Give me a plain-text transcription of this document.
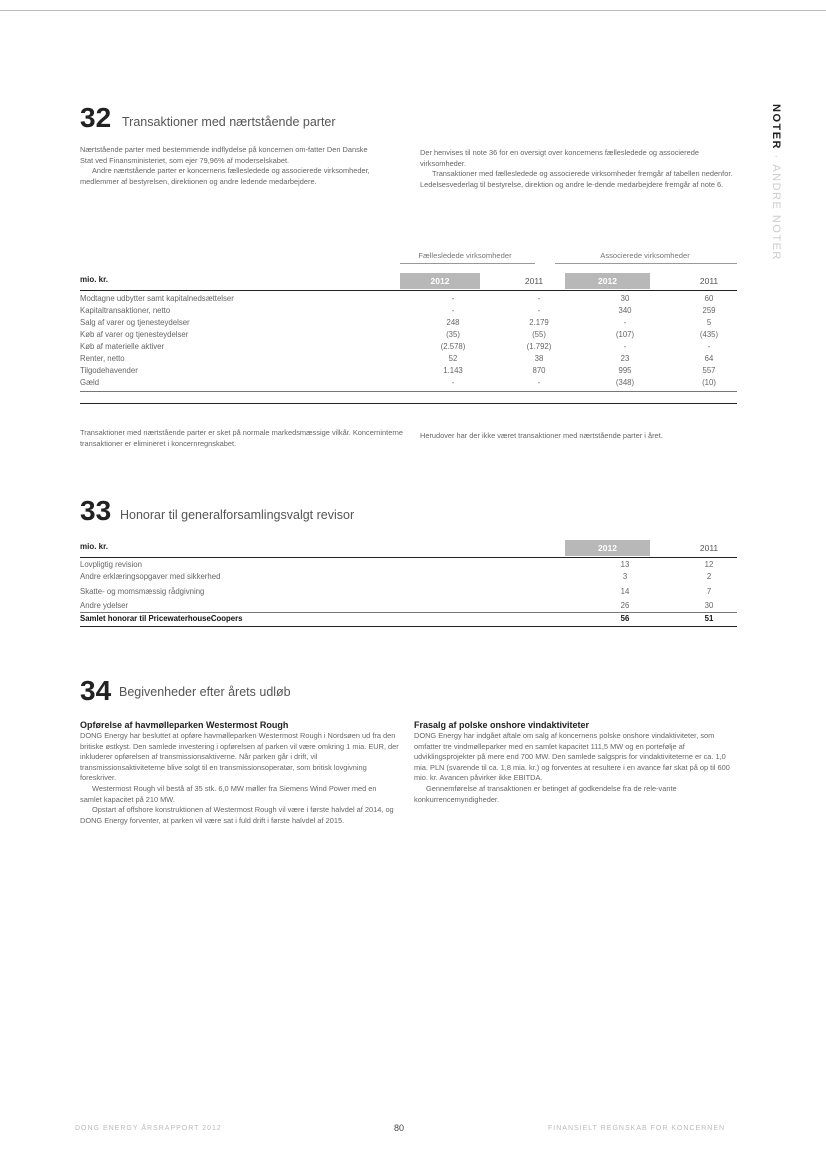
NOTER · ANDRE NOTER
32 Transaktioner med nærtstående parter

Nærtstående parter med bestemmende indflydelse på koncernen om-fatter Den Danske Stat ved Finansministeriet, som ejer 79,96% af moderselskabet.

Andre nærtstående parter er koncernens fællesledede og associerede virksomheder, medlemmer af bestyrelsen, direktionen og andre ledende medarbejdere.

Der henvises til note 36 for en oversigt over koncernens fællesledede og associerede virksomheder.

Transaktioner med fællesledede og associerede virksomheder fremgår af tabellen nedenfor. Ledelsesvederlag til bestyrelse, direktion og andre le-dende medarbejdere fremgår af note 6.

Fællesledede virksomheder	Associerede virksomheder
mio. kr.	2012	2011	2012	2011
Modtagne udbytter samt kapitalnedsættelser	-	-	30	60
Kapitaltransaktioner, netto	-	-	340	259
Salg af varer og tjenesteydelser	248	2.179	-	5
Køb af varer og tjenesteydelser	(35)	(55)	(107)	(435)
Køb af materielle aktiver	(2.578)	(1.792)	-	-
Renter, netto	52	38	23	64
Tilgodehavender	1.143	870	995	557
Gæld	-	-	(348)	(10)

Transaktioner med nærtstående parter er sket på normale markedsmæssige vilkår. Koncerninterne transaktioner er elimineret i koncernregnskabet.

Herudover har der ikke været transaktioner med nærtstående parter i året.

33 Honorar til generalforsamlingsvalgt revisor
mio. kr.	2012	2011
Lovpligtig revision	13	12
Andre erklæringsopgaver med sikkerhed	3	2
Skatte- og momsmæssig rådgivning	14	7
Andre ydelser	26	30
Samlet honorar til PricewaterhouseCoopers	56	51
34 Begivenheder efter årets udløb
Opførelse af havmølleparken Westermost Rough

DONG Energy har besluttet at opføre havmølleparken Westermost Rough i Nordsøen ud fra den britiske østkyst. Den samlede investering i opførelsen af parken vil være omkring 1 mia. EUR, der inkluderer opførelsen af transmissionsaktiverne. Når parken går i drift, vil transmissionsaktiviteterne blive solgt til en transmissionsoperatør, som britisk lovgivning foreskriver.

Westermost Rough vil bestå af 35 stk. 6,0 MW møller fra Siemens Wind Power med en samlet kapacitet på 210 MW.

Opstart af offshore konstruktionen af Westermost Rough vil være i første halvdel af 2014, og DONG Energy forventer, at parken vil være sat i fuld drift i første halvdel af 2015.

Frasalg af polske onshore vindaktiviteter

DONG Energy har indgået aftale om salg af koncernens polske onshore vindaktiviteter, som omfatter tre vindmølleparker med en samlet kapacitet 111,5 MW og en portefølje af udviklingsprojekter på mere end 700 MW. Den samlede salgspris for vindaktiviteterne er ca. 1,0 mia. PLN (svarende til ca. 1,8 mia. kr.) og forventes at resultere i en avance før skat på op til 600 mio. kr. Avancen påvirker ikke EBITDA.

Gennemførelse af transaktionen er betinget af godkendelse fra de rele-vante konkurrencemyndigheder.

DONG ENERGY ÅRSRAPPORT 2012	80	FINANSIELT REGNSKAB FOR KONCERNEN
